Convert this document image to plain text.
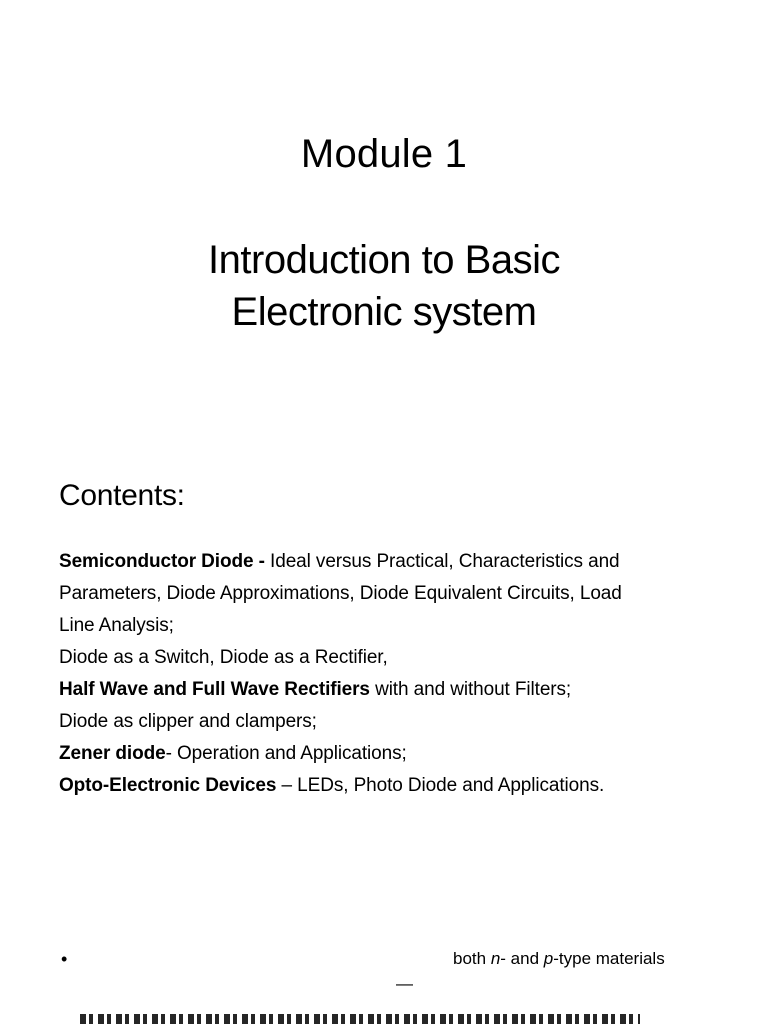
Module 1
Introduction to Basic
Electronic system
Contents:
Semiconductor Diode - Ideal versus Practical, Characteristics and
Parameters, Diode Approximations, Diode Equivalent Circuits, Load
Line Analysis;
Diode as a Switch, Diode as a Rectifier,
Half Wave and Full Wave Rectifiers with and without Filters;
Diode as clipper and clampers;
Zener diode- Operation and Applications;
Opto-Electronic Devices – LEDs, Photo Diode and Applications.
•	both n- and p-type materials
—
